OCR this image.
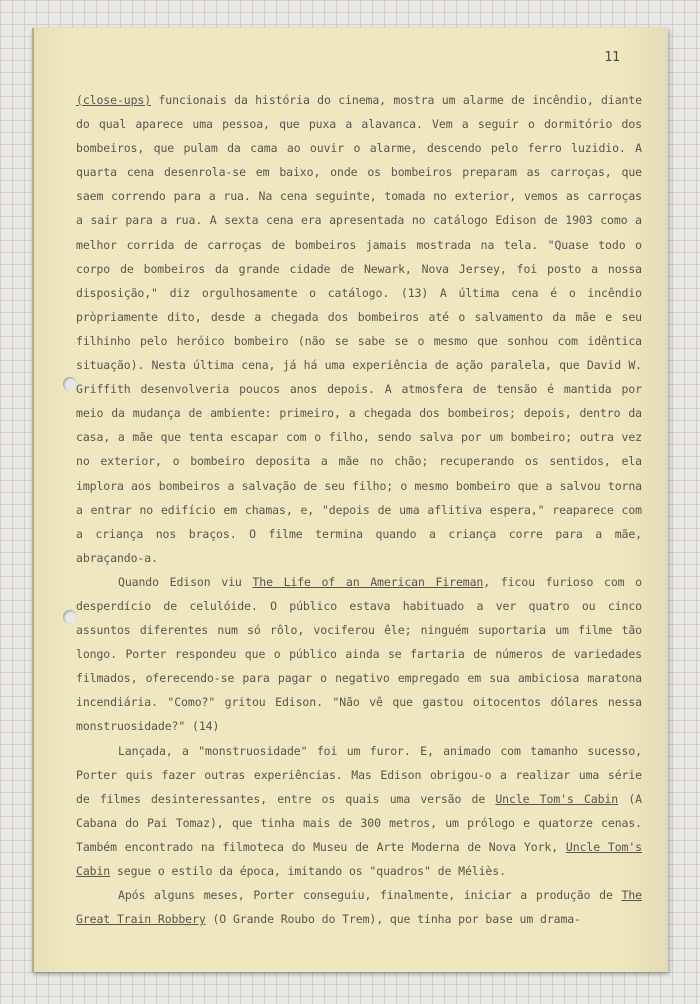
11

(close-ups) funcionais da história do cinema, mostra um alarme de incêndio, diante do qual aparece uma pessoa, que puxa a alavanca. Vem a seguir o dormitório dos bombeiros, que pulam da cama ao ouvir o alarme, descendo pelo ferro luzidio. A quarta cena desenrola-se em baixo, onde os bombeiros preparam as carroças, que saem correndo para a rua. Na cena seguinte, tomada no exterior, vemos as carroças a sair para a rua. A sexta cena era apresentada no catálogo Edison de 1903 como a melhor corrida de carroças de bombeiros jamais mostrada na tela. "Quase todo o corpo de bombeiros da grande cidade de Newark, Nova Jersey, foi posto a nossa disposição," diz orgulhosamente o catálogo. (13) A última cena é o incêndio pròpriamente dito, desde a chegada dos bombeiros até o salvamento da mãe e seu filhinho pelo heróico bombeiro (não se sabe se o mesmo que sonhou com idêntica situação). Nesta última cena, já há uma experiência de ação paralela, que David W. Griffith desenvolveria poucos anos depois. A atmosfera de tensão é mantida por meio da mudança de ambiente: primeiro, a chegada dos bombeiros; depois, dentro da casa, a mãe que tenta escapar com o filho, sendo salva por um bombeiro; outra vez no exterior, o bombeiro deposita a mãe no chão; recuperando os sentidos, ela implora aos bombeiros a salvação de seu filho; o mesmo bombeiro que a salvou torna a entrar no edifício em chamas, e, "depois de uma aflitiva espera," reaparece com a criança nos braços. O filme termina quando a criança corre para a mãe, abraçando-a.

Quando Edison viu The Life of an American Fireman, ficou furioso com o desperdício de celulóide. O público estava habituado a ver quatro ou cinco assuntos diferentes num só rôlo, vociferou êle; ninguém suportaria um filme tão longo. Porter respondeu que o público ainda se fartaria de números de variedades filmados, oferecendo-se para pagar o negativo empregado em sua ambiciosa maratona incendiária. "Como?" gritou Edison. "Não vê que gastou oitocentos dólares nessa monstruosidade?" (14)

Lançada, a "monstruosidade" foi um furor. E, animado com tamanho sucesso, Porter quis fazer outras experiências. Mas Edison obrigou-o a realizar uma série de filmes desinteressantes, entre os quais uma versão de Uncle Tom's Cabin (A Cabana do Pai Tomaz), que tinha mais de 300 metros, um prólogo e quatorze cenas. Também encontrado na filmoteca do Museu de Arte Moderna de Nova York, Uncle Tom's Cabin segue o estilo da época, imitando os "quadros" de Méliès.

Após alguns meses, Porter conseguiu, finalmente, iniciar a produção de The Great Train Robbery (O Grande Roubo do Trem), que tinha por base um drama-
